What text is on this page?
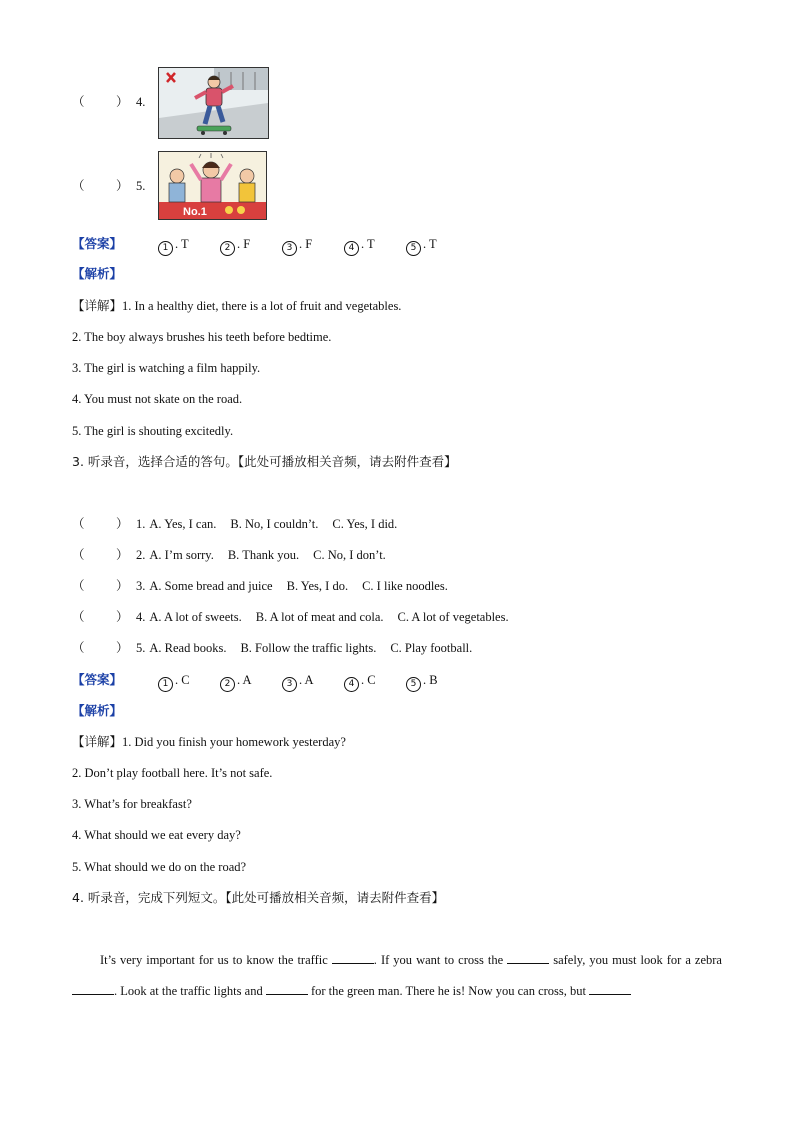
（	） 4.
（	） 5.
No.1
【答案】	1 . T	2 . F	3 . F	4 . T	5 . T
【解析】
【详解】1. In a healthy diet, there is a lot of fruit and vegetables.
2. The boy always brushes his teeth before bedtime.
3. The girl is watching a film happily.
4. You must not skate on the road.
5. The girl is shouting excitedly.
3. 听录音，选择合适的答句。【此处可播放相关音频，请去附件查看】
（	） 1. A. Yes, I can. B. No, I couldn’t. C. Yes, I did.
（	） 2. A. I’m sorry. B. Thank you. C. No, I don’t.
（	） 3. A. Some bread and juice B. Yes, I do. C. I like noodles.
（	） 4. A. A lot of sweets. B. A lot of meat and cola. C. A lot of vegetables.
（	） 5. A. Read books. B. Follow the traffic lights. C. Play football.
【答案】	1 . C	2 . A	3 . A	4 . C	5 . B
【解析】
【详解】1. Did you finish your homework yesterday?
2. Don’t play football here. It’s not safe.
3. What’s for breakfast?
4. What should we eat every day?
5. What should we do on the road?
4. 听录音，完成下列短文。【此处可播放相关音频，请去附件查看】
It’s very important for us to know the traffic	. If you want to cross the	safely, you must look for a zebra . Look at the traffic lights and	for the green man. There he is! Now you can cross, but
